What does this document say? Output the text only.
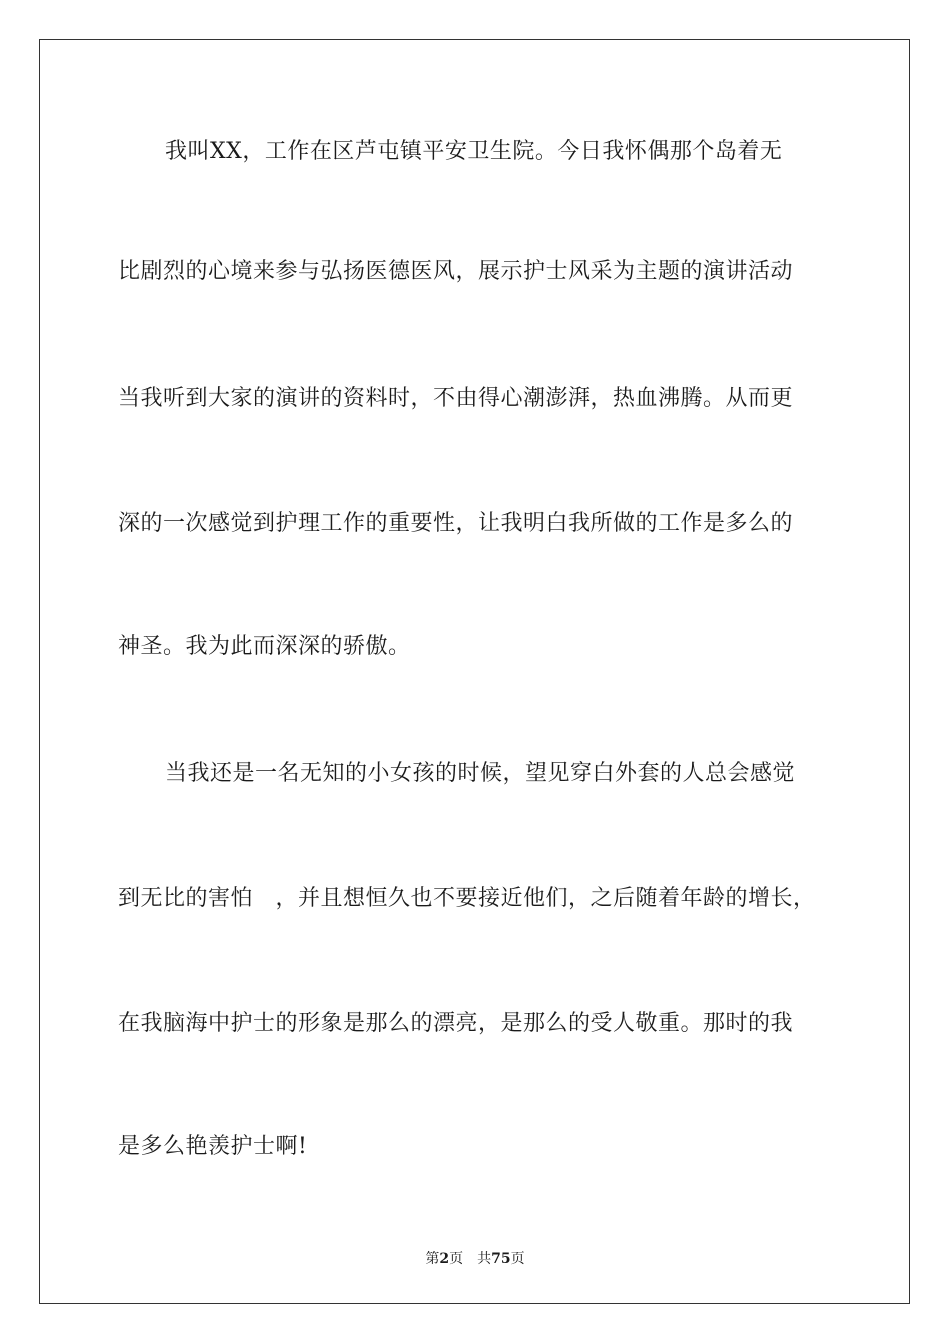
我叫XX，工作在区芦屯镇平安卫生院。今日我怀偶那个岛着无
比剧烈的心境来参与弘扬医德医风，展示护士风采为主题的演讲活动
当我听到大家的演讲的资料时，不由得心潮澎湃，热血沸腾。从而更
深的一次感觉到护理工作的重要性，让我明白我所做的工作是多么的
神圣。我为此而深深的骄傲。
当我还是一名无知的小女孩的时候，望见穿白外套的人总会感觉
到无比的害怕　，并且想恒久也不要接近他们，之后随着年龄的增长，
在我脑海中护士的形象是那么的漂亮，是那么的受人敬重。那时的我
是多么艳羡护士啊!
第2页 共75页
